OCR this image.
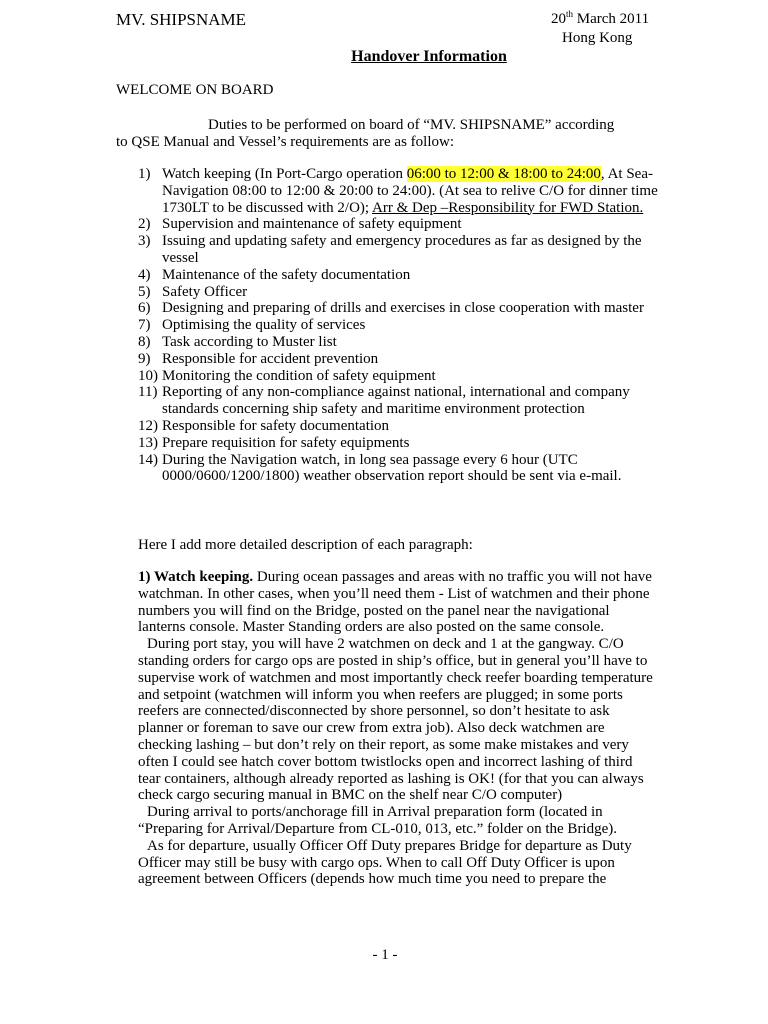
MV. SHIPSNAME	20th March 2011
Hong Kong
Handover Information
WELCOME ON BOARD
Duties to be performed on board of “MV. SHIPSNAME” according
to QSE Manual and Vessel’s requirements are as follow:
1) Watch keeping (In Port-Cargo operation 06:00 to 12:00 & 18:00 to 24:00, At Sea- Navigation 08:00 to 12:00 & 20:00 to 24:00). (At sea to relive C/O for dinner time 1730LT to be discussed with 2/O); Arr & Dep –Responsibility for FWD Station.
2) Supervision and maintenance of safety equipment
3) Issuing and updating safety and emergency procedures as far as designed by the vessel
4) Maintenance of the safety documentation
5) Safety Officer
6) Designing and preparing of drills and exercises in close cooperation with master
7) Optimising the quality of services
8) Task according to Muster list
9) Responsible for accident prevention
10) Monitoring the condition of safety equipment
11) Reporting of any non-compliance against national, international and company standards concerning ship safety and maritime environment protection
12) Responsible for safety documentation
13) Prepare requisition for safety equipments
14) During the Navigation watch, in long sea passage every 6 hour (UTC 0000/0600/1200/1800) weather observation report should be sent via e-mail.
Here I add more detailed description of each paragraph:

1) Watch keeping. During ocean passages and areas with no traffic you will not have watchman. In other cases, when you’ll need them - List of watchmen and their phone numbers you will find on the Bridge, posted on the panel near the navigational lanterns console. Master Standing orders are also posted on the same console.

During port stay, you will have 2 watchmen on deck and 1 at the gangway. C/O standing orders for cargo ops are posted in ship’s office, but in general you’ll have to supervise work of watchmen and most importantly check reefer boarding temperature and setpoint (watchmen will inform you when reefers are plugged; in some ports reefers are connected/disconnected by shore personnel, so don’t hesitate to ask planner or foreman to save our crew from extra job). Also deck watchmen are checking lashing – but don’t rely on their report, as some make mistakes and very often I could see hatch cover bottom twistlocks open and incorrect lashing of third tear containers, although already reported as lashing is OK! (for that you can always check cargo securing manual in BMC on the shelf near C/O computer)

During arrival to ports/anchorage fill in Arrival preparation form (located in “Preparing for Arrival/Departure from CL-010, 013, etc.” folder on the Bridge).

As for departure, usually Officer Off Duty prepares Bridge for departure as Duty Officer may still be busy with cargo ops. When to call Off Duty Officer is upon agreement between Officers (depends how much time you need to prepare the

- 1 -
